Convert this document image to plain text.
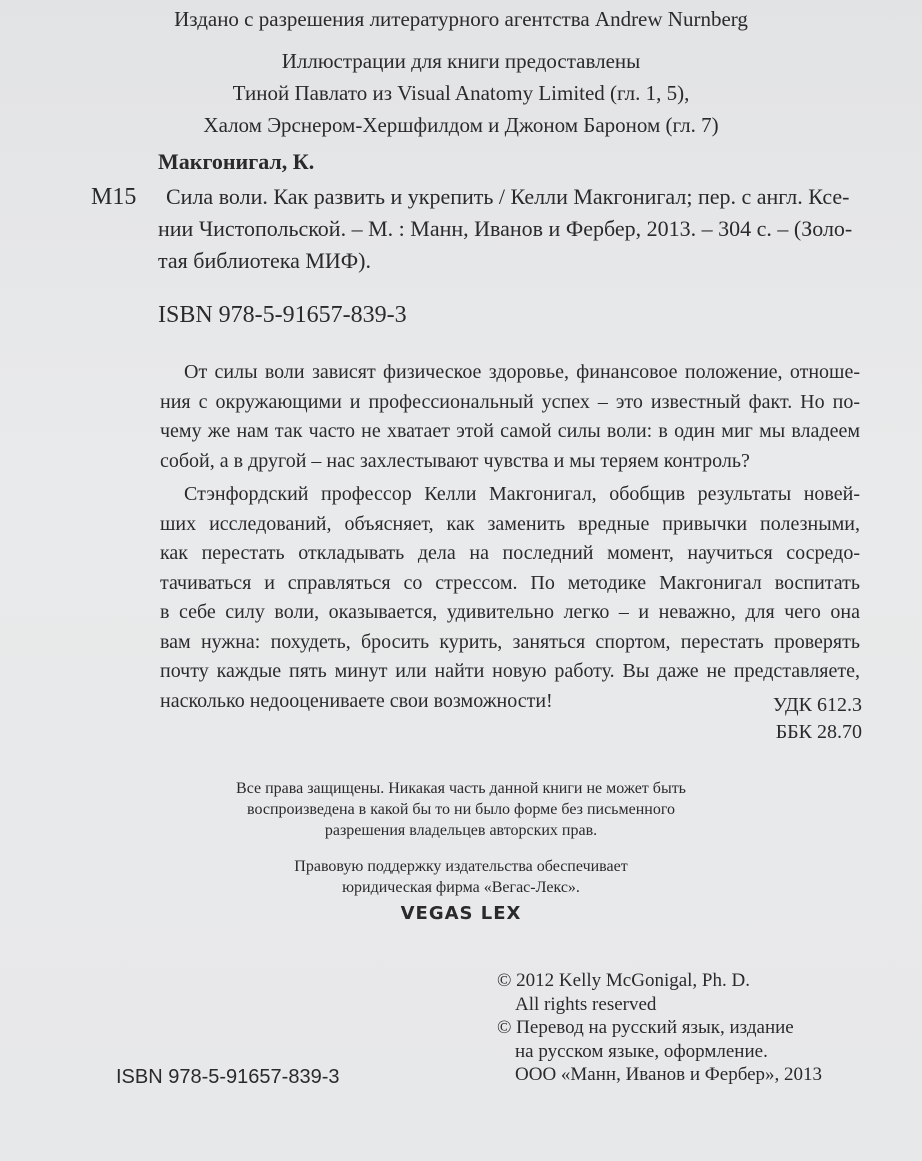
Издано с разрешения литературного агентства Andrew Nurnberg
Иллюстрации для книги предоставлены
Тиной Павлато из Visual Anatomy Limited (гл. 1, 5),
Халом Эрснером-Хершфилдом и Джоном Бароном (гл. 7)
Макгонигал, К.
М15	Сила воли. Как развить и укрепить / Келли Макгонигал; пер. с англ. Ксе-
нии Чистопольской. – М. : Манн, Иванов и Фербер, 2013. – 304 с. – (Золо-
тая библиотека МИФ).
ISBN 978-5-91657-839-3
От силы воли зависят физическое здоровье, финансовое положение, отноше-
ния с окружающими и профессиональный успех – это известный факт. Но по-
чему же нам так часто не хватает этой самой силы воли: в один миг мы владеем
собой, а в другой – нас захлестывают чувства и мы теряем контроль?
Стэнфордский профессор Келли Макгонигал, обобщив результаты новей-
ших исследований, объясняет, как заменить вредные привычки полезными,
как перестать откладывать дела на последний момент, научиться сосредо-
тачиваться и справляться со стрессом. По методике Макгонигал воспитать
в себе силу воли, оказывается, удивительно легко – и неважно, для чего она
вам нужна: похудеть, бросить курить, заняться спортом, перестать проверять
почту каждые пять минут или найти новую работу. Вы даже не представляете,
насколько недооцениваете свои возможности!	УДК 612.3
ББК 28.70
Все права защищены. Никакая часть данной книги не может быть
воспроизведена в какой бы то ни было форме без письменного
разрешения владельцев авторских прав.
Правовую поддержку издательства обеспечивает
юридическая фирма «Вегас-Лекс».
VEGAS LEX
© 2012 Kelly McGonigal, Ph. D.
All rights reserved
© Перевод на русский язык, издание
на русском языке, оформление.
ООО «Манн, Иванов и Фербер», 2013
ISBN 978-5-91657-839-3
